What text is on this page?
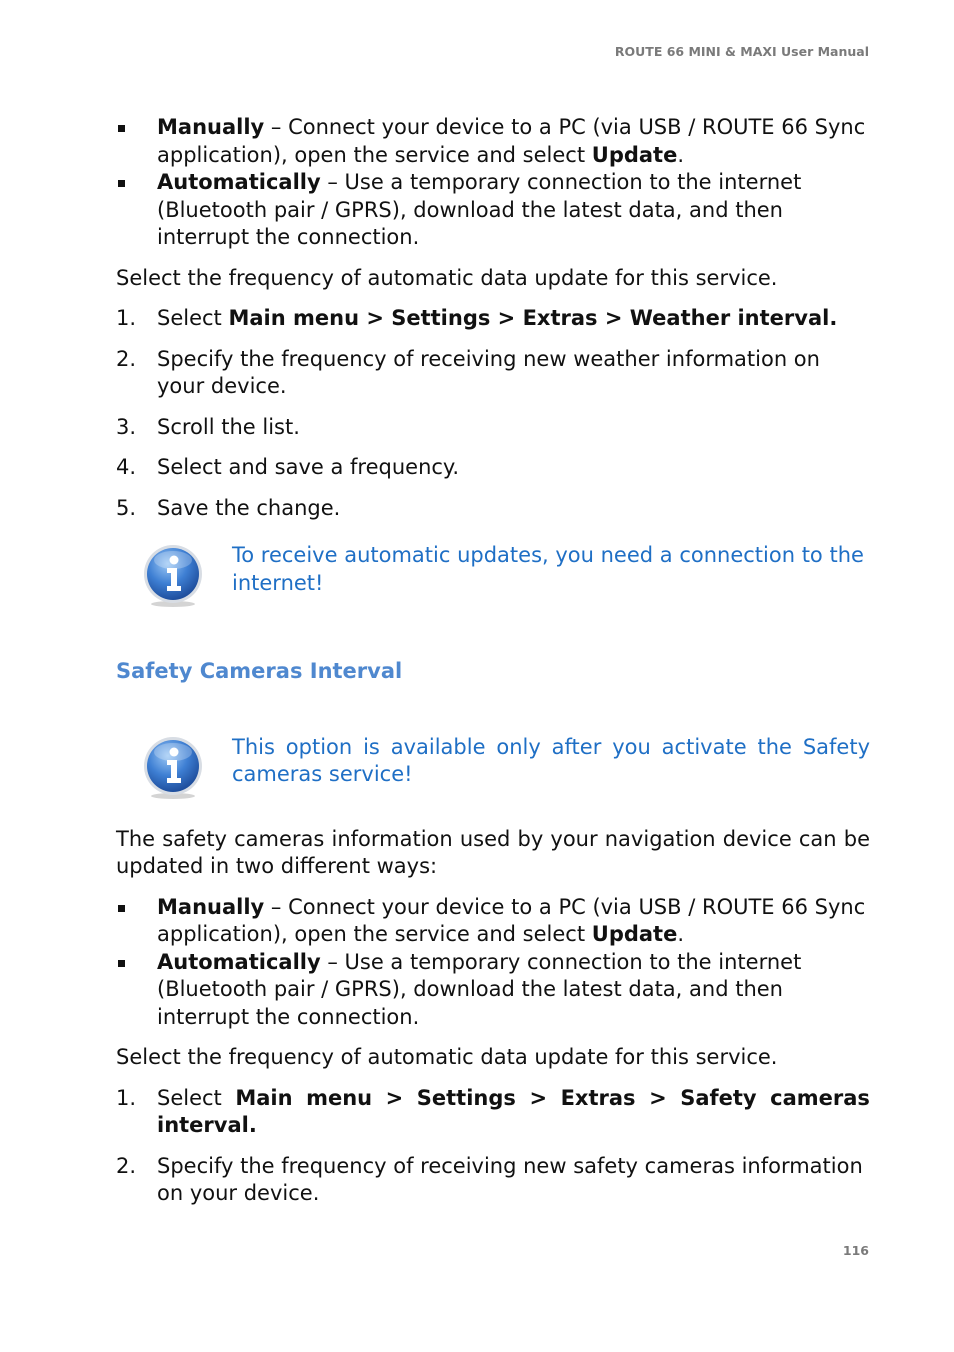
ROUTE 66 MINI & MAXI User Manual
Manually – Connect your device to a PC (via USB / ROUTE 66 Sync application), open the service and select Update.
Automatically – Use a temporary connection to the internet (Bluetooth pair / GPRS), download the latest data, and then interrupt the connection.

Select the frequency of automatic data update for this service.

1. Select Main menu > Settings > Extras > Weather interval.
2. Specify the frequency of receiving new weather information on your device.
3. Scroll the list.
4. Select and save a frequency.
5. Save the change.
To receive automatic updates, you need a connection to the internet!
Safety Cameras Interval
This option is available only after you activate the Safety cameras service!

The safety cameras information used by your navigation device can be updated in two different ways:

Manually – Connect your device to a PC (via USB / ROUTE 66 Sync application), open the service and select Update.
Automatically – Use a temporary connection to the internet (Bluetooth pair / GPRS), download the latest data, and then interrupt the connection.

Select the frequency of automatic data update for this service.

1. Select Main menu > Settings > Extras > Safety cameras
interval.
2. Specify the frequency of receiving new safety cameras information on your device.
116
